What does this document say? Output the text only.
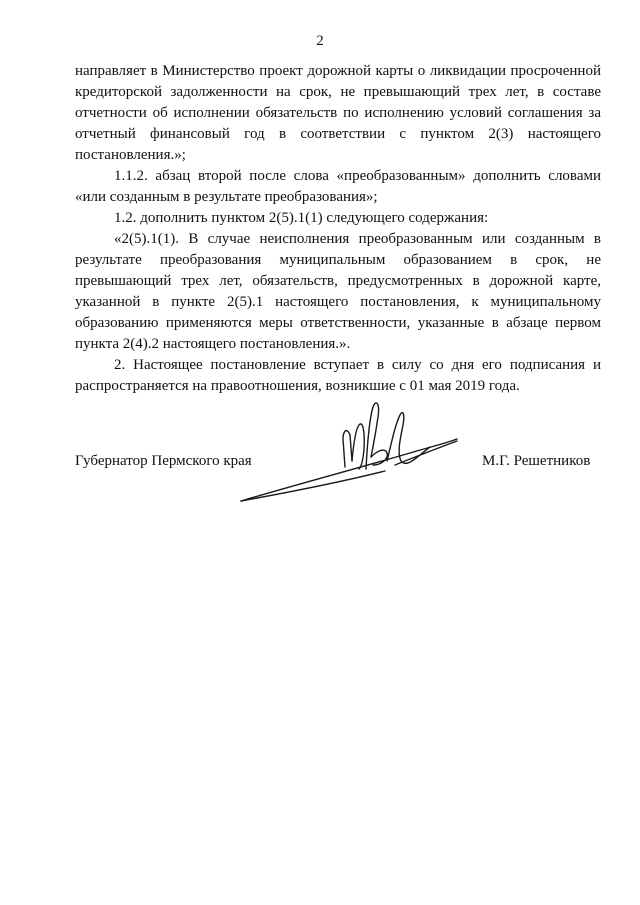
2

направляет в Министерство проект дорожной карты о ликвидации просроченной кредиторской задолженности на срок, не превышающий трех лет, в составе отчетности об исполнении обязательств по исполнению условий соглашения за отчетный финансовый год в соответствии с пунктом 2(3) настоящего постановления.»;

1.1.2. абзац второй после слова «преобразованным» дополнить словами «или созданным в результате преобразования»;

1.2. дополнить пунктом 2(5).1(1) следующего содержания:

«2(5).1(1). В случае неисполнения преобразованным или созданным в результате преобразования муниципальным образованием в срок, не превышающий трех лет, обязательств, предусмотренных в дорожной карте, указанной в пункте 2(5).1 настоящего постановления, к муниципальному образованию применяются меры ответственности, указанные в абзаце первом пункта 2(4).2 настоящего постановления.».

2. Настоящее постановление вступает в силу со дня его подписания и распространяется на правоотношения, возникшие с 01 мая 2019 года.

Губернатор Пермского края	М.Г. Решетников
